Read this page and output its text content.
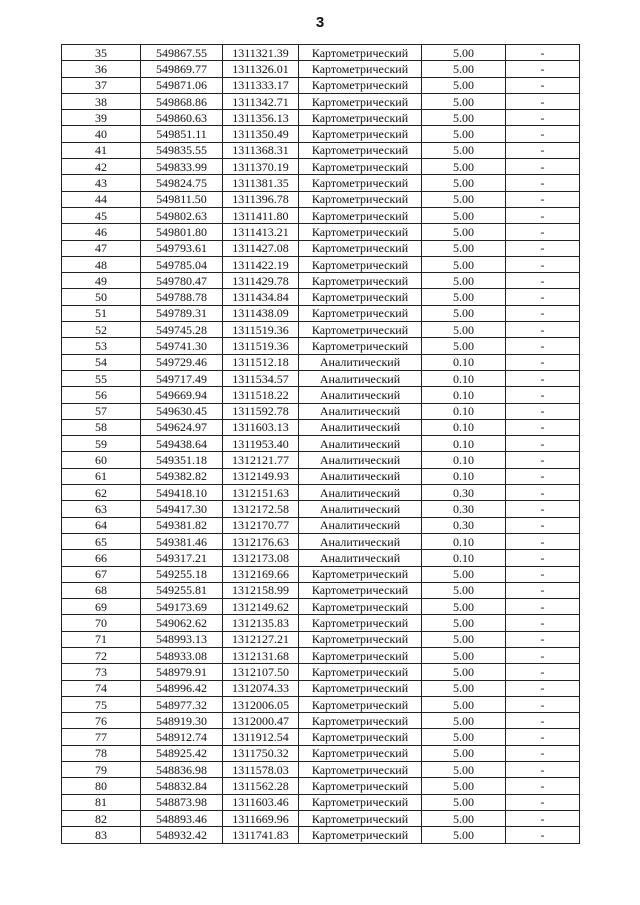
3
35	549867.55	1311321.39	Картометрический	5.00	-
36	549869.77	1311326.01	Картометрический	5.00	-
37	549871.06	1311333.17	Картометрический	5.00	-
38	549868.86	1311342.71	Картометрический	5.00	-
39	549860.63	1311356.13	Картометрический	5.00	-
40	549851.11	1311350.49	Картометрический	5.00	-
41	549835.55	1311368.31	Картометрический	5.00	-
42	549833.99	1311370.19	Картометрический	5.00	-
43	549824.75	1311381.35	Картометрический	5.00	-
44	549811.50	1311396.78	Картометрический	5.00	-
45	549802.63	1311411.80	Картометрический	5.00	-
46	549801.80	1311413.21	Картометрический	5.00	-
47	549793.61	1311427.08	Картометрический	5.00	-
48	549785.04	1311422.19	Картометрический	5.00	-
49	549780.47	1311429.78	Картометрический	5.00	-
50	549788.78	1311434.84	Картометрический	5.00	-
51	549789.31	1311438.09	Картометрический	5.00	-
52	549745.28	1311519.36	Картометрический	5.00	-
53	549741.30	1311519.36	Картометрический	5.00	-
54	549729.46	1311512.18	Аналитический	0.10	-
55	549717.49	1311534.57	Аналитический	0.10	-
56	549669.94	1311518.22	Аналитический	0.10	-
57	549630.45	1311592.78	Аналитический	0.10	-
58	549624.97	1311603.13	Аналитический	0.10	-
59	549438.64	1311953.40	Аналитический	0.10	-
60	549351.18	1312121.77	Аналитический	0.10	-
61	549382.82	1312149.93	Аналитический	0.10	-
62	549418.10	1312151.63	Аналитический	0.30	-
63	549417.30	1312172.58	Аналитический	0.30	-
64	549381.82	1312170.77	Аналитический	0.30	-
65	549381.46	1312176.63	Аналитический	0.10	-
66	549317.21	1312173.08	Аналитический	0.10	-
67	549255.18	1312169.66	Картометрический	5.00	-
68	549255.81	1312158.99	Картометрический	5.00	-
69	549173.69	1312149.62	Картометрический	5.00	-
70	549062.62	1312135.83	Картометрический	5.00	-
71	548993.13	1312127.21	Картометрический	5.00	-
72	548933.08	1312131.68	Картометрический	5.00	-
73	548979.91	1312107.50	Картометрический	5.00	-
74	548996.42	1312074.33	Картометрический	5.00	-
75	548977.32	1312006.05	Картометрический	5.00	-
76	548919.30	1312000.47	Картометрический	5.00	-
77	548912.74	1311912.54	Картометрический	5.00	-
78	548925.42	1311750.32	Картометрический	5.00	-
79	548836.98	1311578.03	Картометрический	5.00	-
80	548832.84	1311562.28	Картометрический	5.00	-
81	548873.98	1311603.46	Картометрический	5.00	-
82	548893.46	1311669.96	Картометрический	5.00	-
83	548932.42	1311741.83	Картометрический	5.00	-
